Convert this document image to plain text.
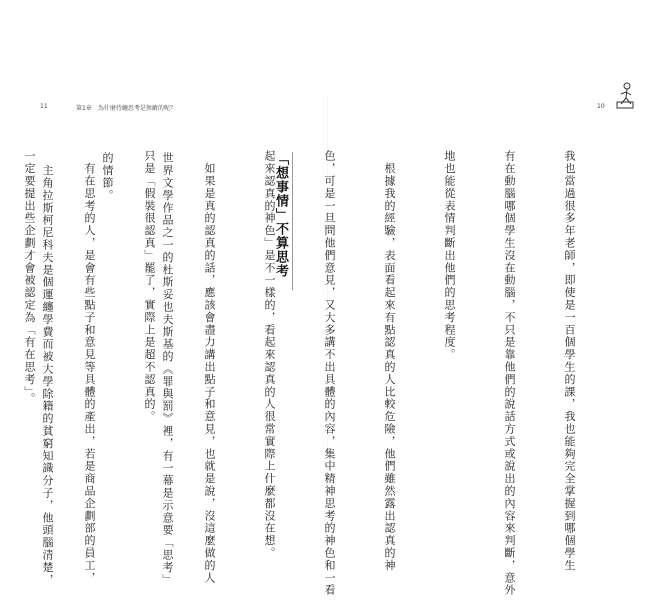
11	第1章　為什麼待纏思考是無敵的呢？	10

我也當過很多年老師，即使是一百個學生的課，我也能夠完全掌握到哪個學生

有在動腦哪個學生沒在動腦，不只是靠他們的說話方式或說出的內容來判斷，意外

地也能從表情判斷出他們的思考程度。

　根據我的經驗，表面看起來有點認真的人比較危險，他們雖然露出認真的神

色，可是一旦問他們意見，又大多講不出具體的內容，集中精神思考的神色和一看

起來認真的神色」是不一樣的，看起來認真的人很常實際上什麼都沒在想。

　如果是真的認真的話，應該會盡力講出點子和意見，也就是說，沒這麼做的人

只是「假裝很認真」罷了，實際上是超不認真的。

　有在思考的人，是會有些點子和意見等具體的產出，若是商品企劃部的員工，

一定要提出些企劃才會被認定為「有在思考」。

	「想事情」不算思考

世界文學作品之一的杜斯妥也夫斯基的《罪與罰》裡，有一幕是示意要「思考」

的情節。

　主角拉斯柯尼科夫是個運纏學費而被大學除籍的貧窮知識分子，他頭腦清楚，
